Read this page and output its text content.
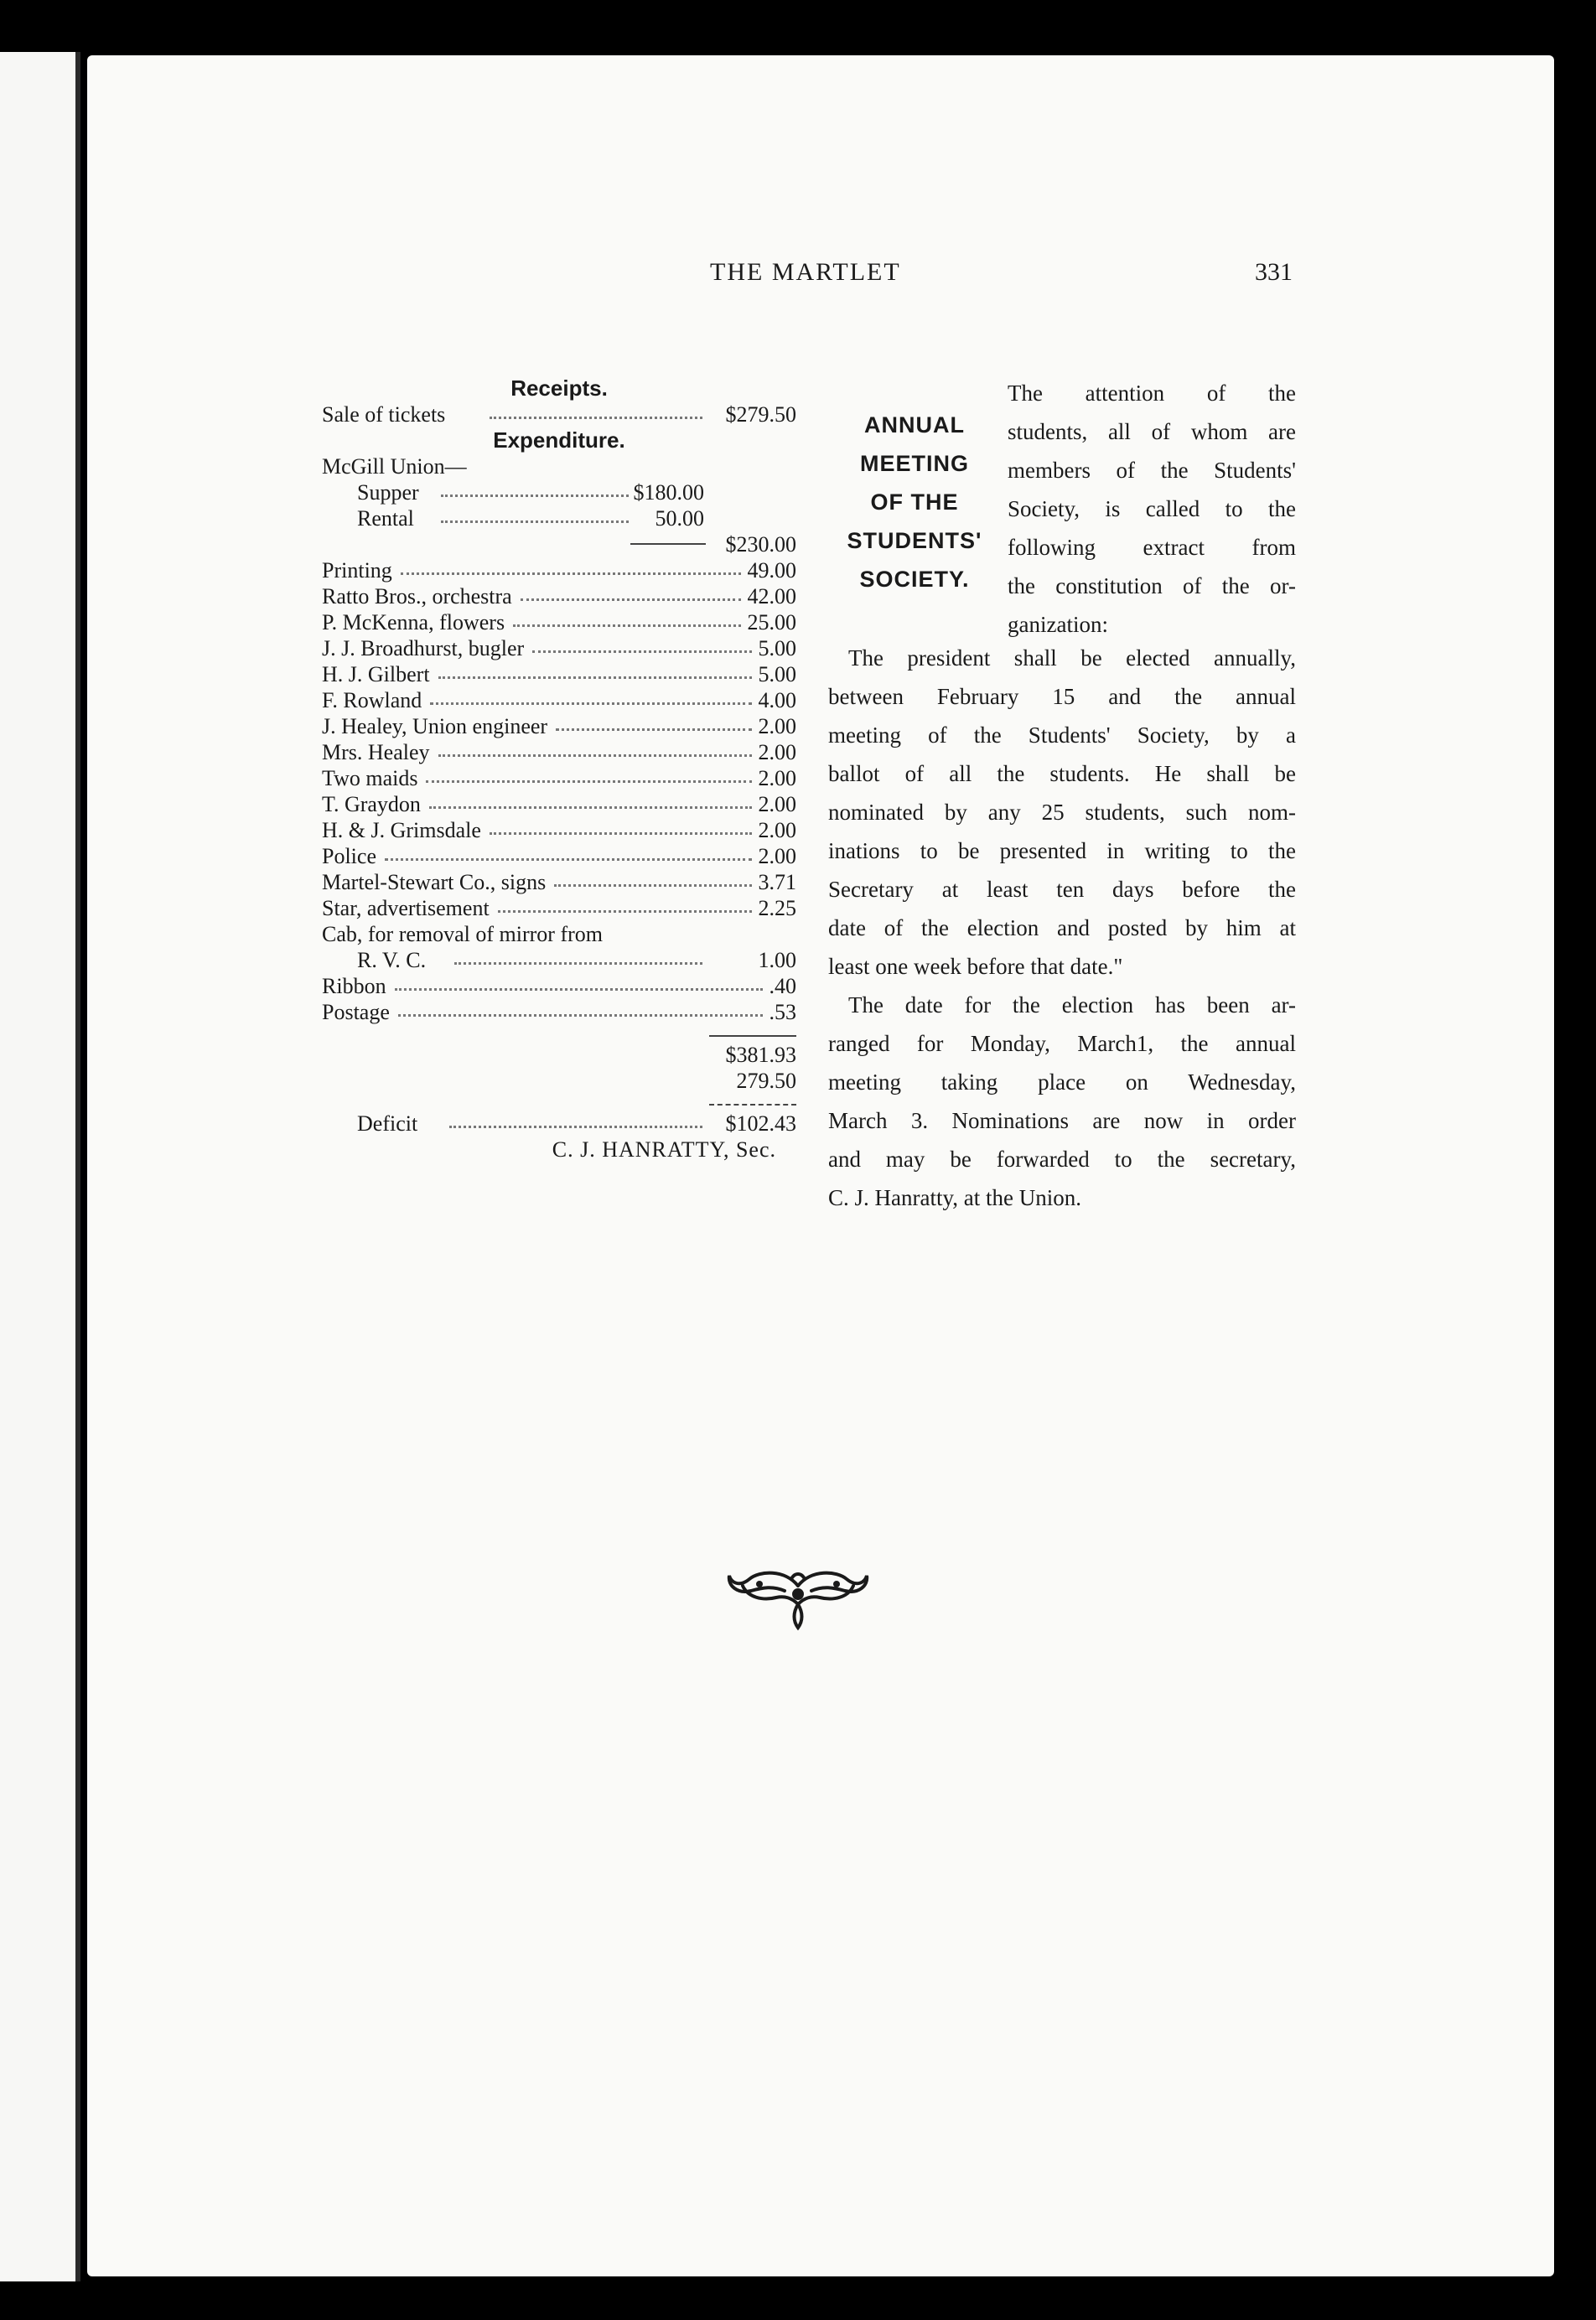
THE MARTLET	331
Receipts.
Sale of tickets	$279.50
Expenditure.
McGill Union—
Supper	$180.00
Rental	50.00
$230.00
Printing	49.00
Ratto Bros., orchestra	42.00
P. McKenna, flowers	25.00
J. J. Broadhurst, bugler	5.00
H. J. Gilbert	5.00
F. Rowland	4.00
J. Healey, Union engineer	2.00
Mrs. Healey	2.00
Two maids	2.00
T. Graydon	2.00
H. & J. Grimsdale	2.00
Police	2.00
Martel-Stewart Co., signs	3.71
Star, advertisement	2.25
Cab, for removal of mirror from
R. V. C.	1.00
Ribbon	.40
Postage	.53
$381.93
279.50
Deficit	$102.43
C. J. HANRATTY, Sec.
ANNUAL
MEETING
OF THE
STUDENTS'
SOCIETY.
The attention of the
students, all of whom are
members of the Students'
Society, is called to the
following extract from
the constitution of the or-
ganization:
The president shall be elected annually,
between February 15 and the annual
meeting of the Students' Society, by a
ballot of all the students. He shall be
nominated by any 25 students, such nom-
inations to be presented in writing to the
Secretary at least ten days before the
date of the election and posted by him at
least one week before that date."
The date for the election has been ar-
ranged for Monday, March1, the annual
meeting taking place on Wednesday,
March 3. Nominations are now in order
and may be forwarded to the secretary,
C. J. Hanratty, at the Union.
